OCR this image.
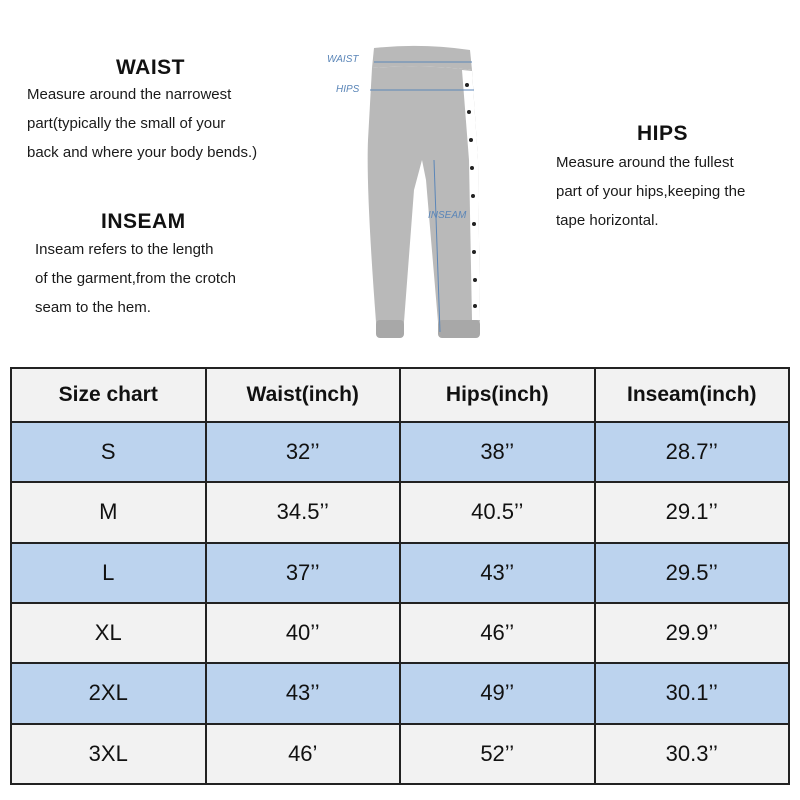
WAIST
Measure around the narrowest
part(typically the small of your
back and where your body bends.)
INSEAM
Inseam refers to the length
of the garment,from the crotch
seam to the hem.
HIPS
Measure around the fullest
part of your hips,keeping the
tape horizontal.
WAIST
HIPS
INSEAM
Size chart	Waist(inch)	Hips(inch)	Inseam(inch)
S	32’’	38’’	28.7’’
M	34.5’’	40.5’’	29.1’’
L	37’’	43’’	29.5’’
XL	40’’	46’’	29.9’’
2XL	43’’	49’’	30.1’’
3XL	46’	52’’	30.3’’
